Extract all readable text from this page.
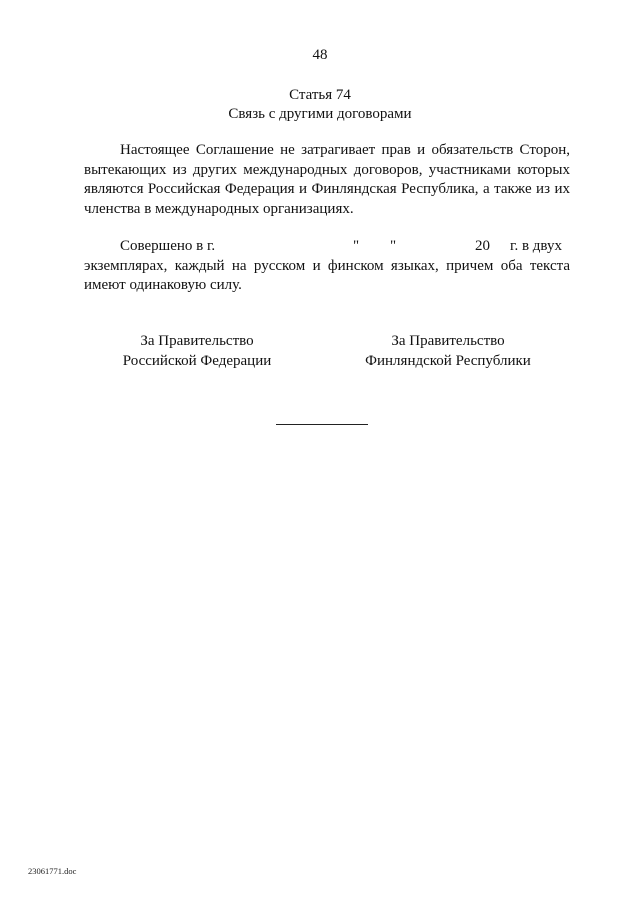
48
Статья 74
Связь с другими договорами
Настоящее Соглашение не затрагивает прав и обязательств Сторон,
вытекающих из других международных договоров, участниками которых
являются Российская Федерация и Финляндская Республика, а также из их
членства в международных организациях.
Совершено в г.	" "	20 г. в двух
экземплярах, каждый на русском и финском языках, причем оба текста
имеют одинаковую силу.
За Правительство
Российской Федерации
За Правительство
Финляндской Республики
23061771.doc
